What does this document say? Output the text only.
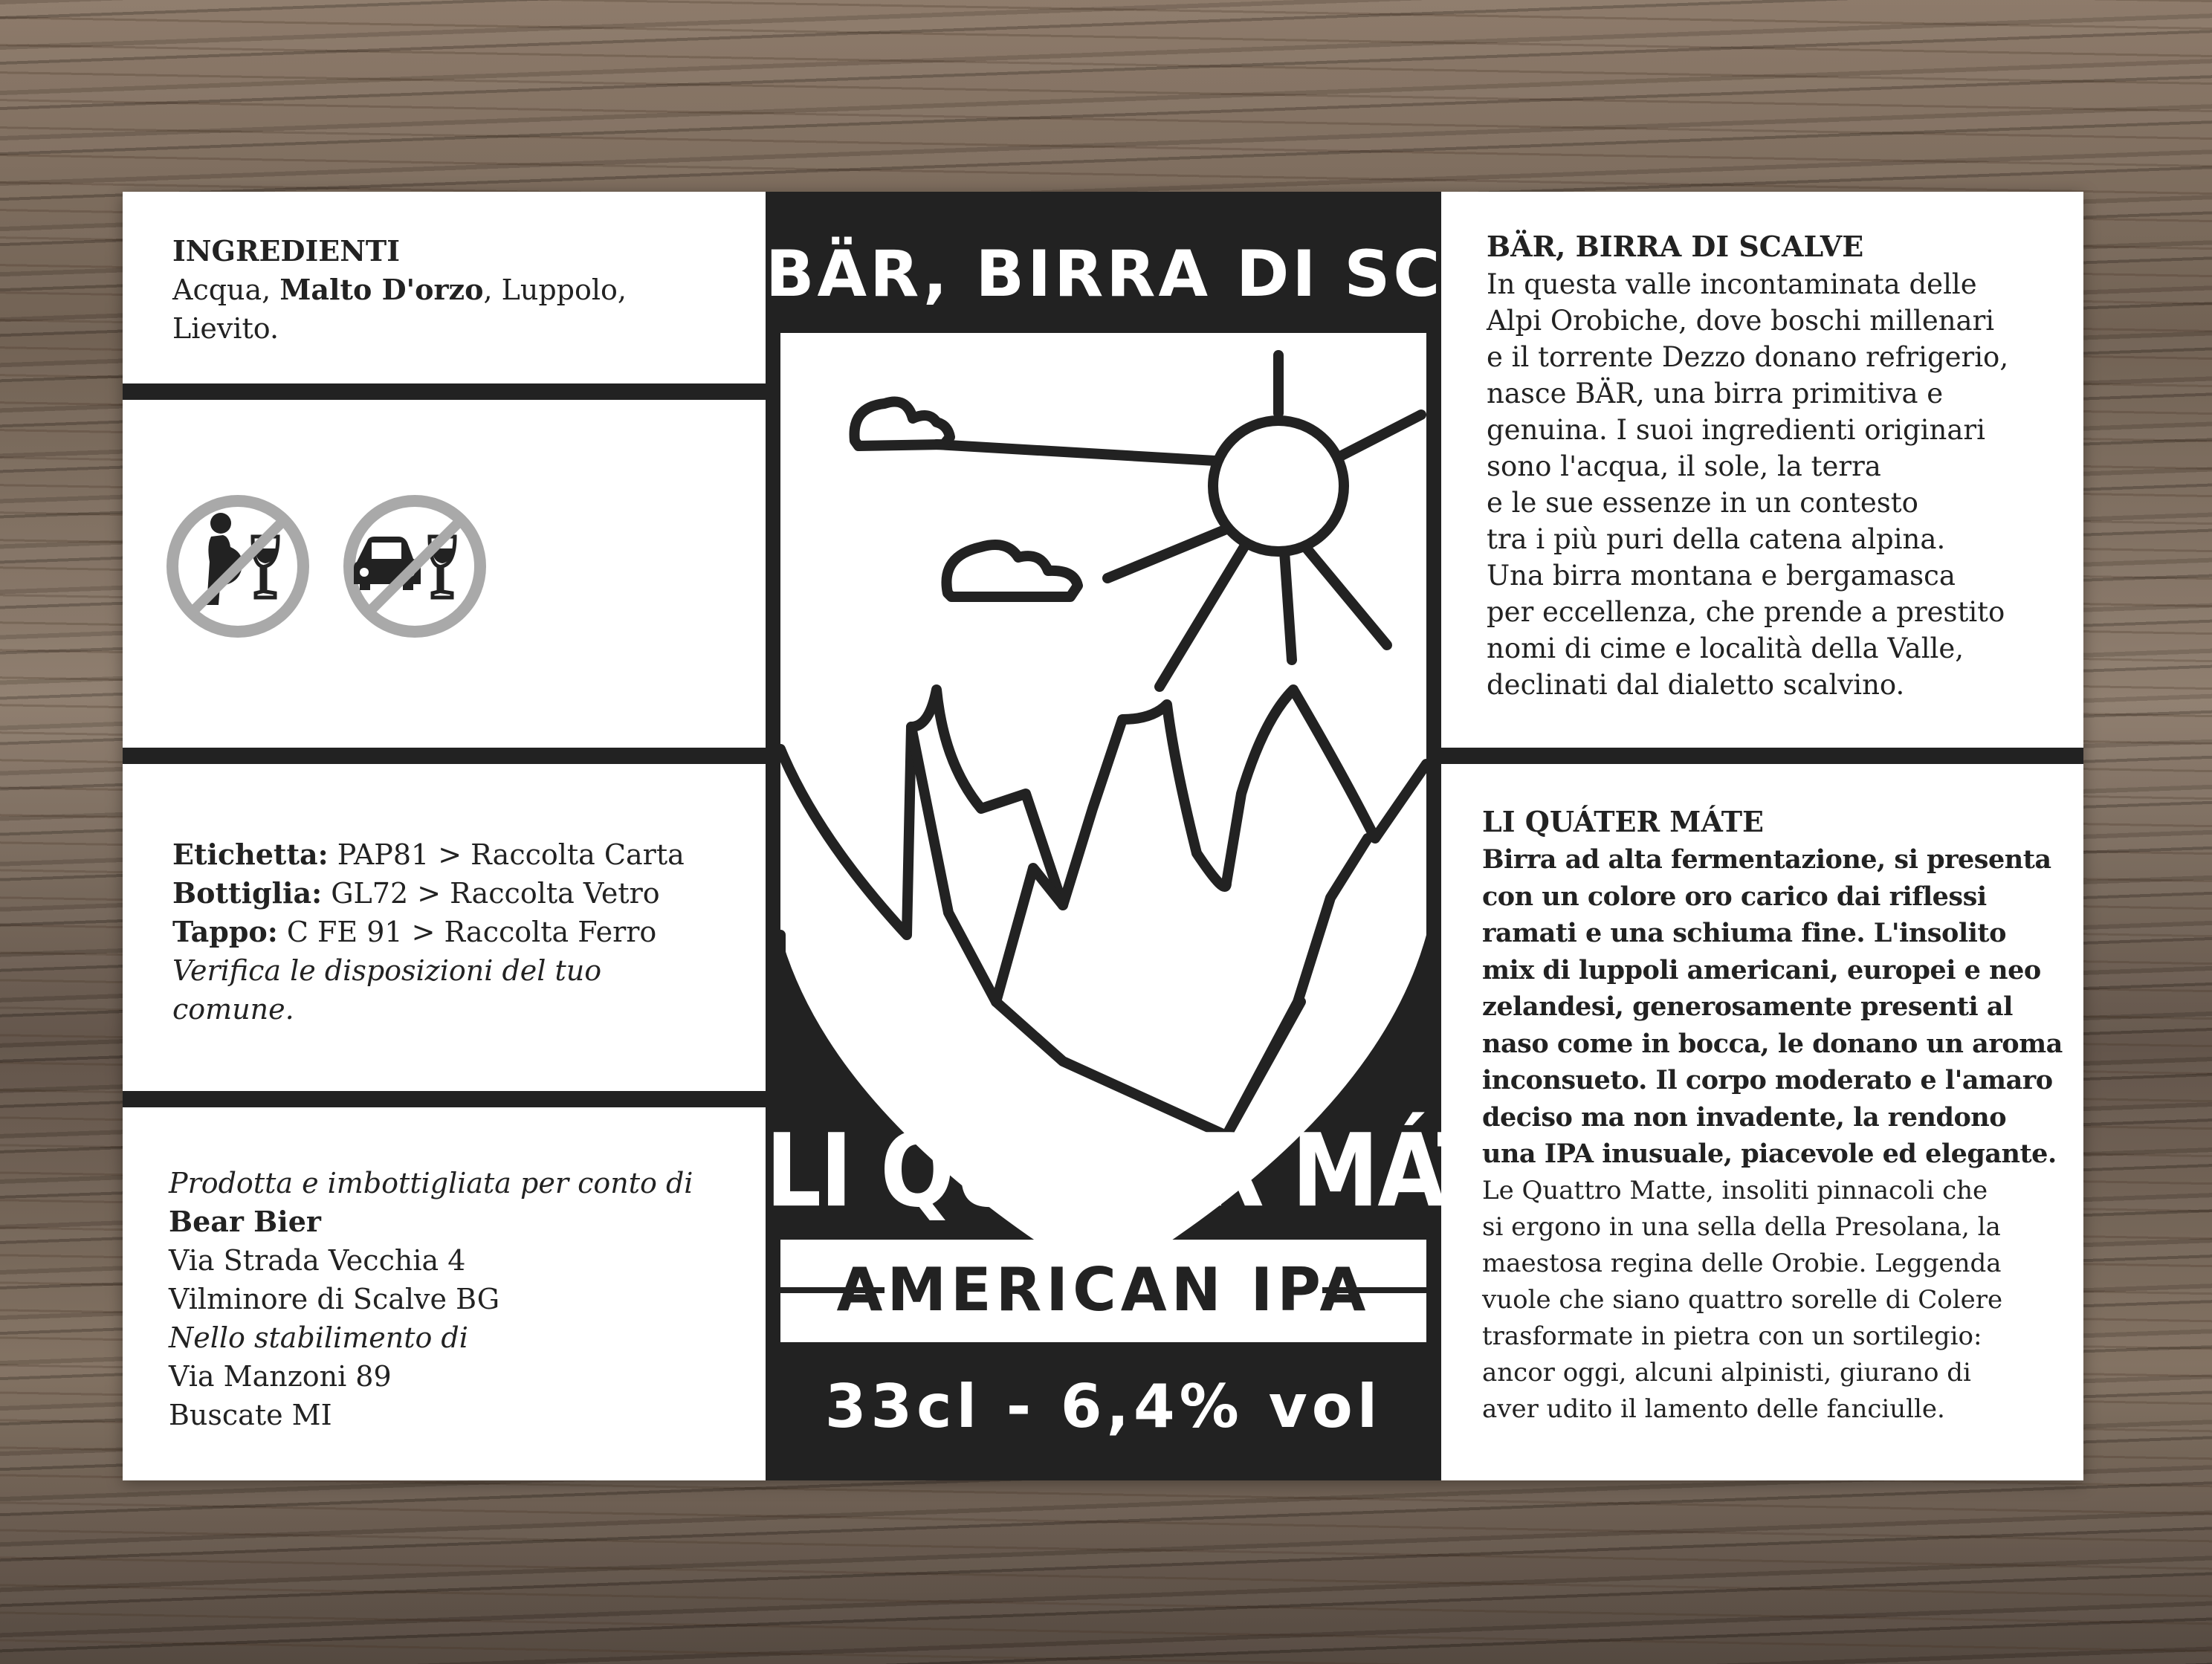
INGREDIENTI
Acqua, Malto D'orzo, Luppolo, Lievito.
Etichetta: PAP81 > Raccolta Carta
Bottiglia: GL72 > Raccolta Vetro
Tappo: C FE 91 > Raccolta Ferro
Verifica le disposizioni del tuo
comune.
Prodotta e imbottigliata per conto di
Bear Bier
Via Strada Vecchia 4
Vilminore di Scalve BG
Nello stabilimento di
Via Manzoni 89
Buscate MI
BÄR, BIRRA DI SCALVE
LI QUÁTER MÁTE
AMERICAN IPA
33cl - 6,4% vol
BÄR, BIRRA DI SCALVE
In questa valle incontaminata delle
Alpi Orobiche, dove boschi millenari
e il torrente Dezzo donano refrigerio,
nasce BÄR, una birra primitiva e
genuina. I suoi ingredienti originari
sono l'acqua, il sole, la terra
e le sue essenze in un contesto
tra i più puri della catena alpina.
Una birra montana e bergamasca
per eccellenza, che prende a prestito
nomi di cime e località della Valle,
declinati dal dialetto scalvino.
LI QUÁTER MÁTE
Birra ad alta fermentazione, si presenta
con un colore oro carico dai riflessi
ramati e una schiuma fine. L'insolito
mix di luppoli americani, europei e neo
zelandesi, generosamente presenti al
naso come in bocca, le donano un aroma
inconsueto. Il corpo moderato e l'amaro
deciso ma non invadente, la rendono
una IPA inusuale, piacevole ed elegante.
Le Quattro Matte, insoliti pinnacoli che
si ergono in una sella della Presolana, la
maestosa regina delle Orobie. Leggenda
vuole che siano quattro sorelle di Colere
trasformate in pietra con un sortilegio:
ancor oggi, alcuni alpinisti, giurano di
aver udito il lamento delle fanciulle.
